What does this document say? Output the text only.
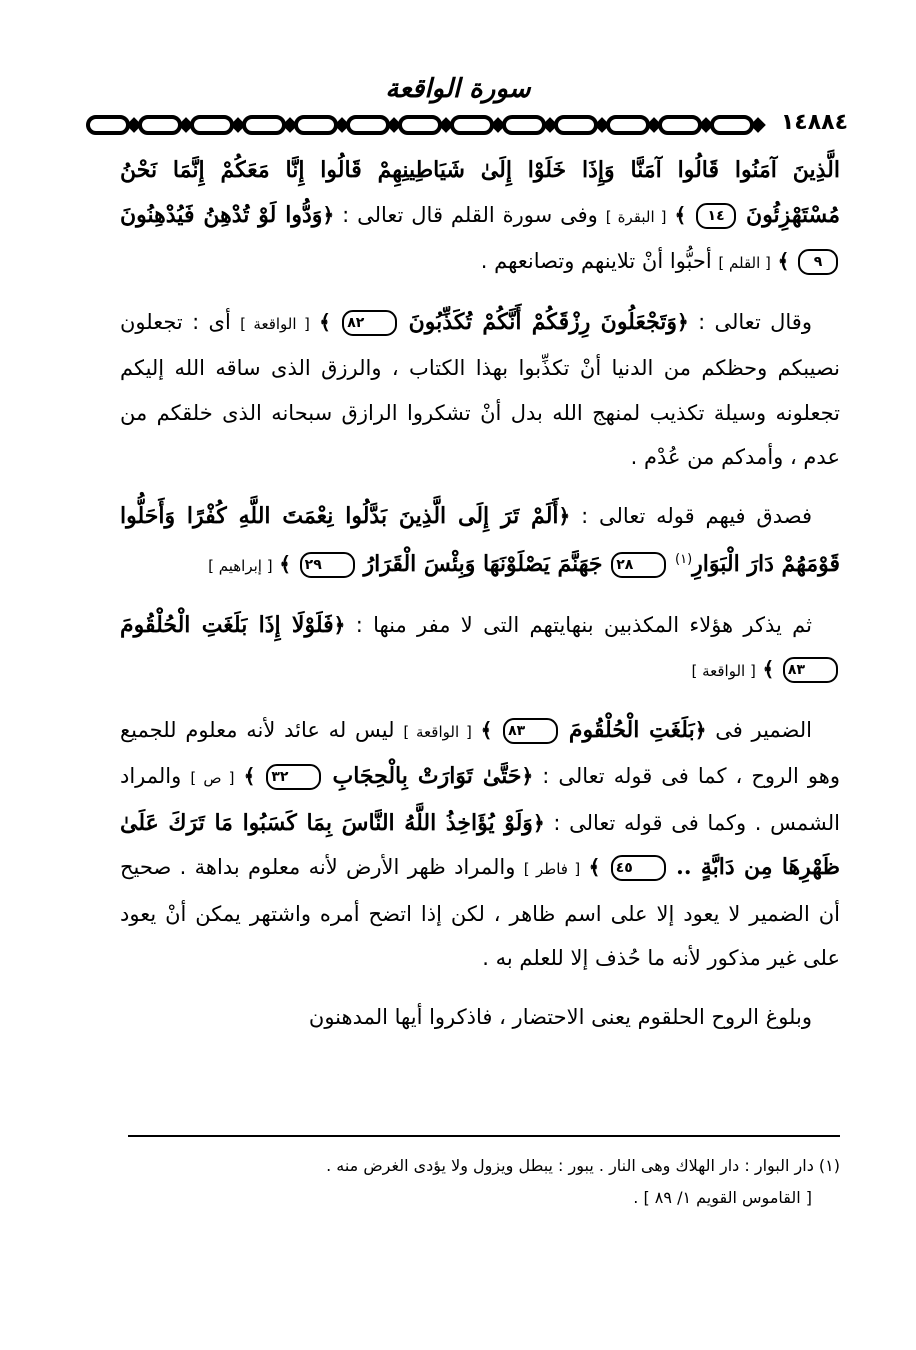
سورة الواقعة
١٤٨٨٤

الَّذِينَ آمَنُوا قَالُوا آمَنَّا وَإِذَا خَلَوْا إِلَىٰ شَيَاطِينِهِمْ قَالُوا إِنَّا مَعَكُمْ إِنَّمَا نَحْنُ مُسْتَهْزِئُونَ ١٤ ﴾ [ البقرة ] وفى سورة القلم قال تعالى : ﴿وَدُّوا لَوْ تُدْهِنُ فَيُدْهِنُونَ ٩ ﴾ [ القلم ] أحبُّوا أنْ تلاينهم وتصانعهم .

وقال تعالى : ﴿وَتَجْعَلُونَ رِزْقَكُمْ أَنَّكُمْ تُكَذِّبُونَ ٨٢ ﴾ [ الواقعة ] أى : تجعلون نصيبكم وحظكم من الدنيا أنْ تكذِّبوا بهذا الكتاب ، والرزق الذى ساقه الله إليكم تجعلونه وسيلة تكذيب لمنهج الله بدل أنْ تشكروا الرازق سبحانه الذى خلقكم من عدم ، وأمدكم من عُدْم .

فصدق فيهم قوله تعالى : ﴿أَلَمْ تَرَ إِلَى الَّذِينَ بَدَّلُوا نِعْمَتَ اللَّهِ كُفْرًا وَأَحَلُّوا قَوْمَهُمْ دَارَ الْبَوَارِ$^{(١)}$ ٢٨ جَهَنَّمَ يَصْلَوْنَهَا وَبِئْسَ الْقَرَارُ ٢٩ ﴾ [ إبراهيم ]

ثم يذكر هؤلاء المكذبين بنهايتهم التى لا مفر منها : ﴿فَلَوْلَا إِذَا بَلَغَتِ الْحُلْقُومَ ٨٣ ﴾ [ الواقعة ]

الضمير فى ﴿بَلَغَتِ الْحُلْقُومَ ٨٣ ﴾ [ الواقعة ] ليس له عائد لأنه معلوم للجميع وهو الروح ، كما فى قوله تعالى : ﴿حَتَّىٰ تَوَارَتْ بِالْحِجَابِ ٣٢ ﴾ [ ص ] والمراد الشمس . وكما فى قوله تعالى : ﴿وَلَوْ يُؤَاخِذُ اللَّهُ النَّاسَ بِمَا كَسَبُوا مَا تَرَكَ عَلَىٰ ظَهْرِهَا مِن دَابَّةٍ .. ٤٥ ﴾ [ فاطر ] والمراد ظهر الأرض لأنه معلوم بداهة . صحيح أن الضمير لا يعود إلا على اسم ظاهر ، لكن إذا اتضح أمره واشتهر يمكن أنْ يعود على غير مذكور لأنه ما حُذف إلا للعلم به .

وبلوغ الروح الحلقوم يعنى الاحتضار ، فاذكروا أيها المدهنون

(١) دار البوار : دار الهلاك وهى النار . يبور : يبطل ويزول ولا يؤدى الغرض منه .

[ القاموس القويم ١/ ٨٩ ] .
